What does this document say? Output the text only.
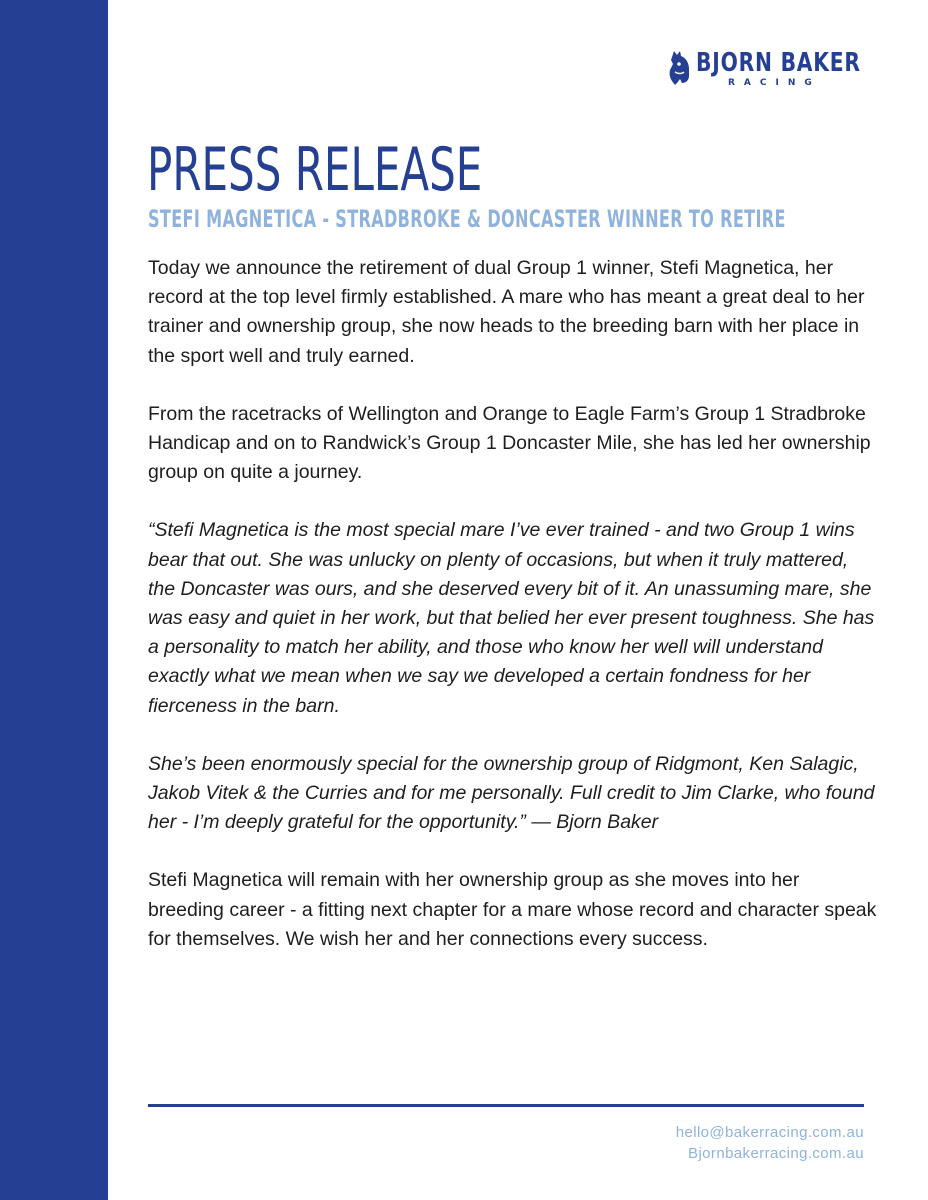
BJORN BAKER
RACING
PRESS RELEASE
STEFI MAGNETICA - STRADBROKE & DONCASTER WINNER TO RETIRE

Today we announce the retirement of dual Group 1 winner, Stefi Magnetica, her record at the top level firmly established. A mare who has meant a great deal to her trainer and ownership group, she now heads to the breeding barn with her place in the sport well and truly earned.

From the racetracks of Wellington and Orange to Eagle Farm’s Group 1 Stradbroke Handicap and on to Randwick’s Group 1 Doncaster Mile, she has led her ownership group on quite a journey.

“Stefi Magnetica is the most special mare I’ve ever trained - and two Group 1 wins bear that out. She was unlucky on plenty of occasions, but when it truly mattered, the Doncaster was ours, and she deserved every bit of it. An unassuming mare, she was easy and quiet in her work, but that belied her ever present toughness. She has a personality to match her ability, and those who know her well will understand exactly what we mean when we say we developed a certain fondness for her fierceness in the barn.

She’s been enormously special for the ownership group of Ridgmont, Ken Salagic, Jakob Vitek & the Curries and for me personally. Full credit to Jim Clarke, who found her - I’m deeply grateful for the opportunity.” — Bjorn Baker

Stefi Magnetica will remain with her ownership group as she moves into her breeding career - a fitting next chapter for a mare whose record and character speak for themselves. We wish her and her connections every success.

hello@bakerracing.com.au
Bjornbakerracing.com.au
